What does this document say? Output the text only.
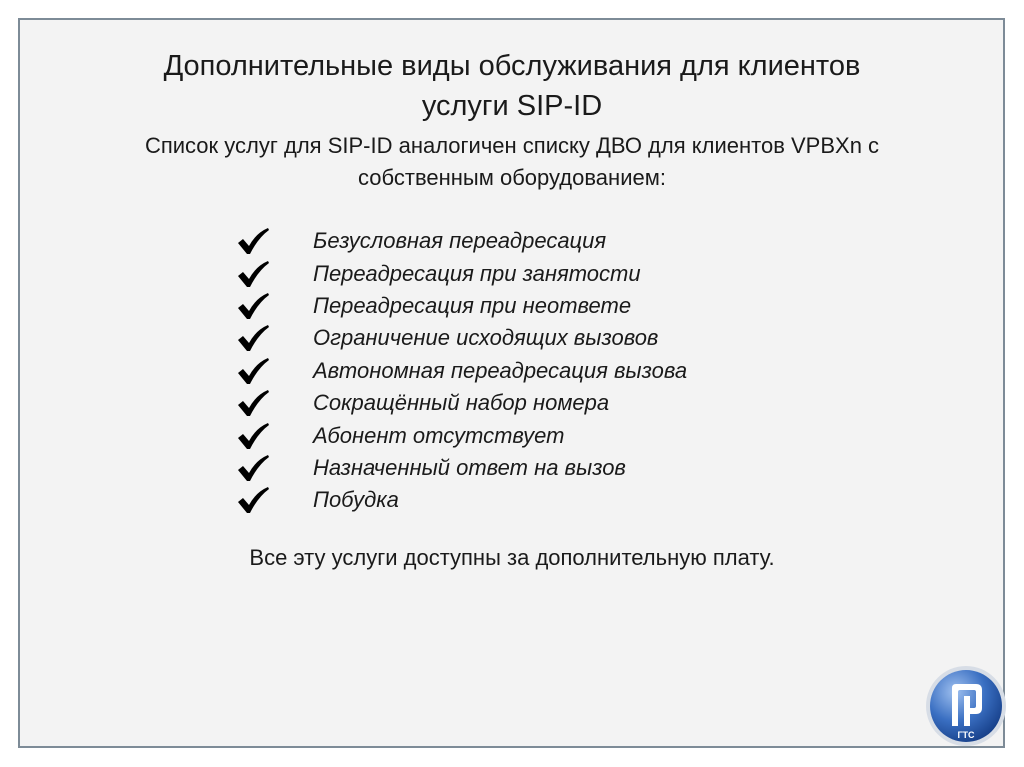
Дополнительные виды обслуживания для клиентов
услуги SIP-ID
Список услуг для SIP-ID аналогичен списку ДВО для клиентов VPBXn с
собственным оборудованием:
Безусловная переадресация
Переадресация при занятости
Переадресация при неответе
Ограничение исходящих вызовов
Автономная переадресация вызова
Сокращённый набор номера
Абонент отсутствует
Назначенный ответ на вызов
Побудка
Все эту услуги доступны за дополнительную плату.
ГТС
